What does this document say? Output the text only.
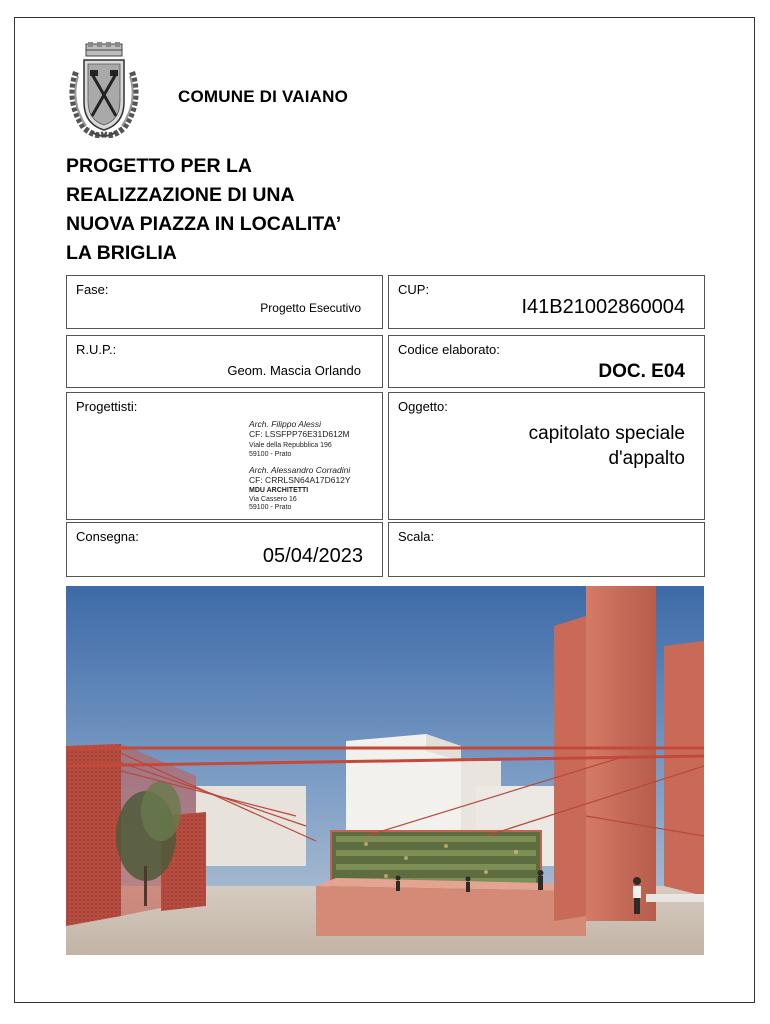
COMUNE DI VAIANO
PROGETTO PER LA
REALIZZAZIONE DI UNA
NUOVA PIAZZA IN LOCALITA’
LA BRIGLIA
Fase:
Progetto Esecutivo
CUP:
I41B21002860004
R.U.P.:
Geom. Mascia Orlando
Codice elaborato:
DOC. E04
Progettisti:
Arch. Filippo Alessi
CF: LSSFPP76E31D612M
Viale della Repubblica 196
59100 - Prato
Arch. Alessandro Corradini
CF: CRRLSN64A17D612Y
MDU ARCHITETTI
Via Cassero 16
59100 - Prato
Oggetto:
capitolato speciale
d'appalto
Consegna:
05/04/2023
Scala:
